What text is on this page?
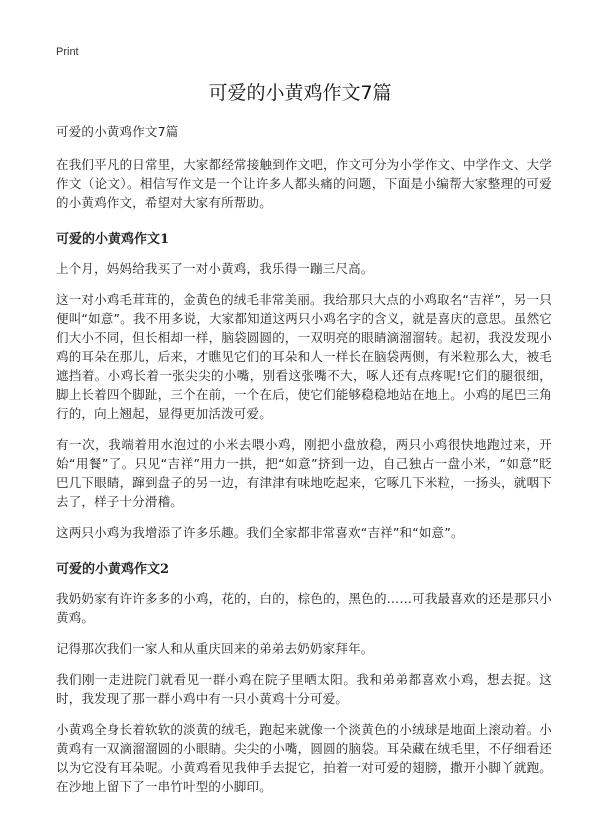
Print
可爱的小黄鸡作文7篇

可爱的小黄鸡作文7篇

在我们平凡的日常里，大家都经常接触到作文吧，作文可分为小学作文、中学作文、大学作文（论文）。相信写作文是一个让许多人都头痛的问题，下面是小编帮大家整理的可爱的小黄鸡作文，希望对大家有所帮助。

可爱的小黄鸡作文1

上个月，妈妈给我买了一对小黄鸡，我乐得一蹦三尺高。

这一对小鸡毛茸茸的，金黄色的绒毛非常美丽。我给那只大点的小鸡取名“吉祥”，另一只便叫“如意”。我不用多说，大家都知道这两只小鸡名字的含义，就是喜庆的意思。虽然它们大小不同，但长相却一样，脑袋圆圆的，一双明亮的眼睛滴溜溜转。起初，我没发现小鸡的耳朵在那儿，后来，才瞧见它们的耳朵和人一样长在脑袋两侧，有米粒那么大，被毛遮挡着。小鸡长着一张尖尖的小嘴，别看这张嘴不大，啄人还有点疼呢!它们的腿很细，脚上长着四个脚趾，三个在前，一个在后，使它们能够稳稳地站在地上。小鸡的尾巴三角行的，向上翘起，显得更加活泼可爱。

有一次，我端着用水泡过的小米去喂小鸡，刚把小盘放稳，两只小鸡很快地跑过来，开始“用餐”了。只见“吉祥”用力一拱，把“如意”挤到一边，自己独占一盘小米，“如意”眨巴几下眼睛，蹿到盘子的另一边，有津津有味地吃起来，它啄几下米粒，一扬头，就咽下去了，样子十分滑稽。

这两只小鸡为我增添了许多乐趣。我们全家都非常喜欢“吉祥”和“如意”。

可爱的小黄鸡作文2

我奶奶家有许许多多的小鸡，花的，白的，棕色的，黑色的……可我最喜欢的还是那只小黄鸡。

记得那次我们一家人和从重庆回来的弟弟去奶奶家拜年。

我们刚一走进院门就看见一群小鸡在院子里晒太阳。我和弟弟都喜欢小鸡，想去捉。这时，我发现了那一群小鸡中有一只小黄鸡十分可爱。

小黄鸡全身长着软软的淡黄的绒毛，跑起来就像一个淡黄色的小绒球是地面上滚动着。小黄鸡有一双滴溜溜圆的小眼睛。尖尖的小嘴，圆圆的脑袋。耳朵藏在绒毛里，不仔细看还以为它没有耳朵呢。小黄鸡看见我伸手去捉它，拍着一对可爱的翅膀，撒开小脚丫就跑。在沙地上留下了一串竹叶型的小脚印。
